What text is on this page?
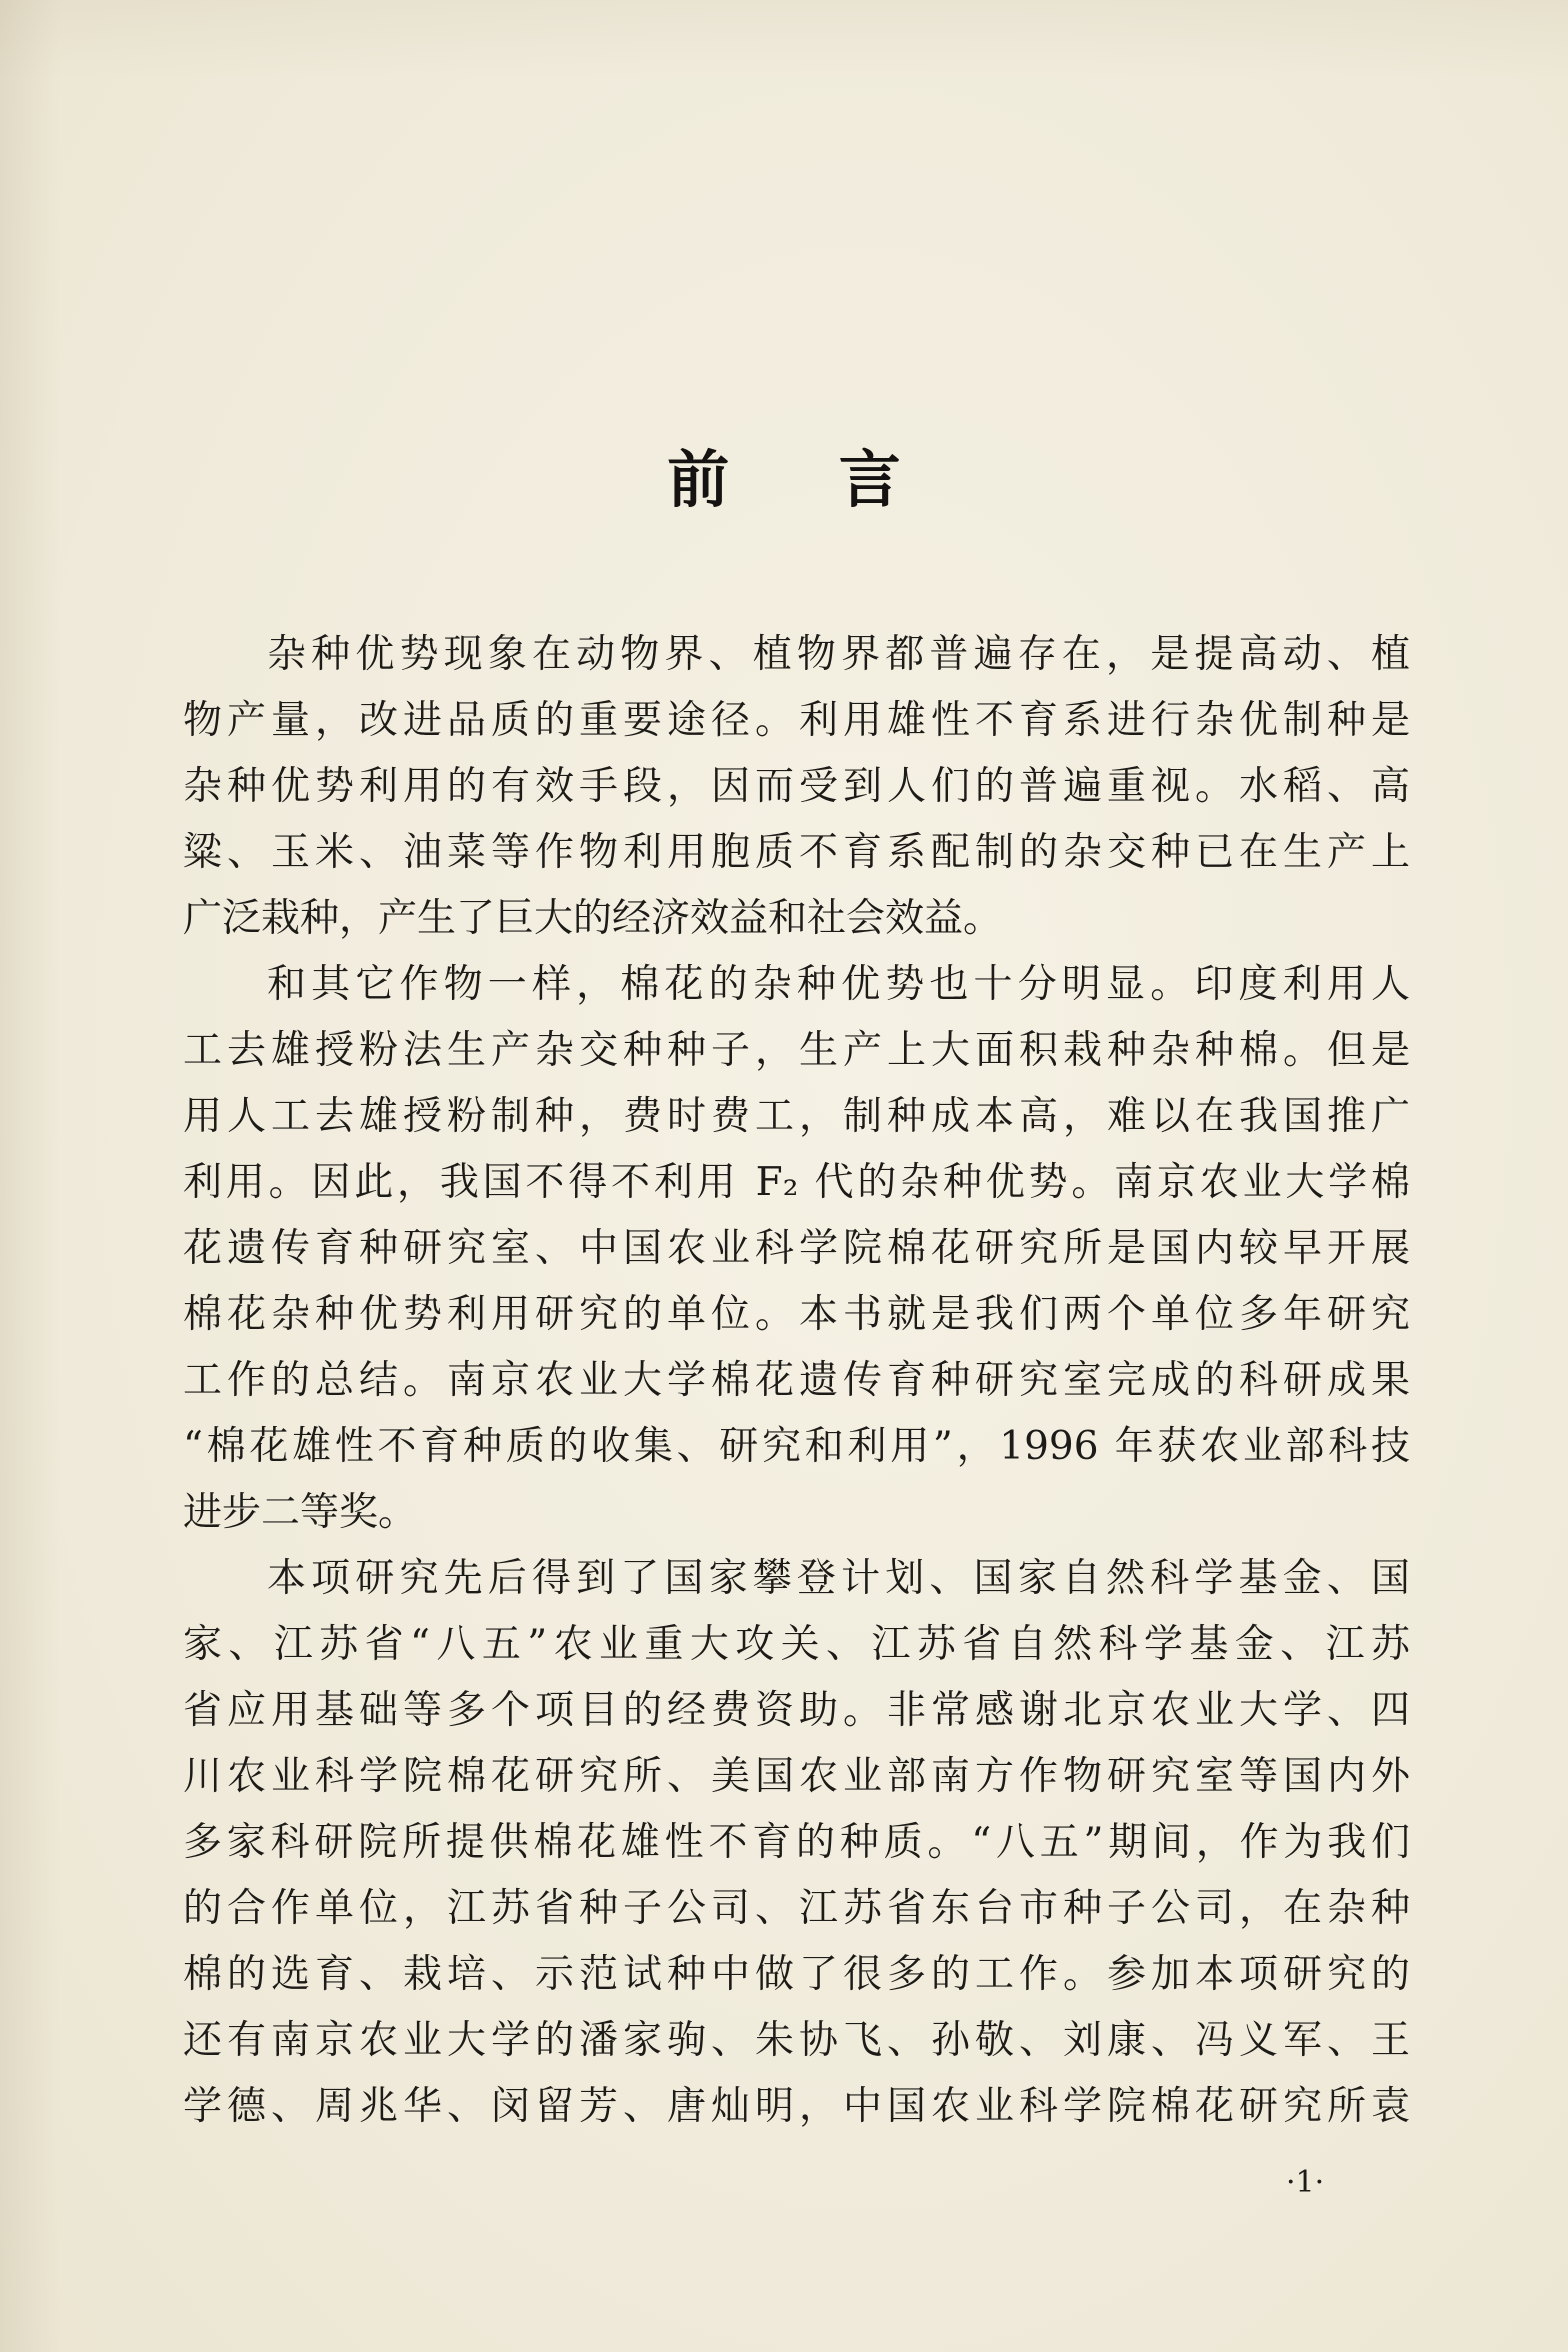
前 言
杂种优势现象在动物界、植物界都普遍存在，是提高动、植
物产量，改进品质的重要途径。利用雄性不育系进行杂优制种是
杂种优势利用的有效手段，因而受到人们的普遍重视。水稻、高
粱、玉米、油菜等作物利用胞质不育系配制的杂交种已在生产上
广泛栽种，产生了巨大的经济效益和社会效益。
和其它作物一样，棉花的杂种优势也十分明显。印度利用人
工去雄授粉法生产杂交种种子，生产上大面积栽种杂种棉。但是
用人工去雄授粉制种，费时费工，制种成本高，难以在我国推广
利用。因此，我国不得不利用 F₂ 代的杂种优势。南京农业大学棉
花遗传育种研究室、中国农业科学院棉花研究所是国内较早开展
棉花杂种优势利用研究的单位。本书就是我们两个单位多年研究
工作的总结。南京农业大学棉花遗传育种研究室完成的科研成果
“棉花雄性不育种质的收集、研究和利用”，1996 年获农业部科技
进步二等奖。
本项研究先后得到了国家攀登计划、国家自然科学基金、国
家、江苏省“八五”农业重大攻关、江苏省自然科学基金、江苏
省应用基础等多个项目的经费资助。非常感谢北京农业大学、四
川农业科学院棉花研究所、美国农业部南方作物研究室等国内外
多家科研院所提供棉花雄性不育的种质。“八五”期间，作为我们
的合作单位，江苏省种子公司、江苏省东台市种子公司，在杂种
棉的选育、栽培、示范试种中做了很多的工作。参加本项研究的
还有南京农业大学的潘家驹、朱协飞、孙敬、刘康、冯义军、王
学德、周兆华、闵留芳、唐灿明，中国农业科学院棉花研究所袁
·1·
